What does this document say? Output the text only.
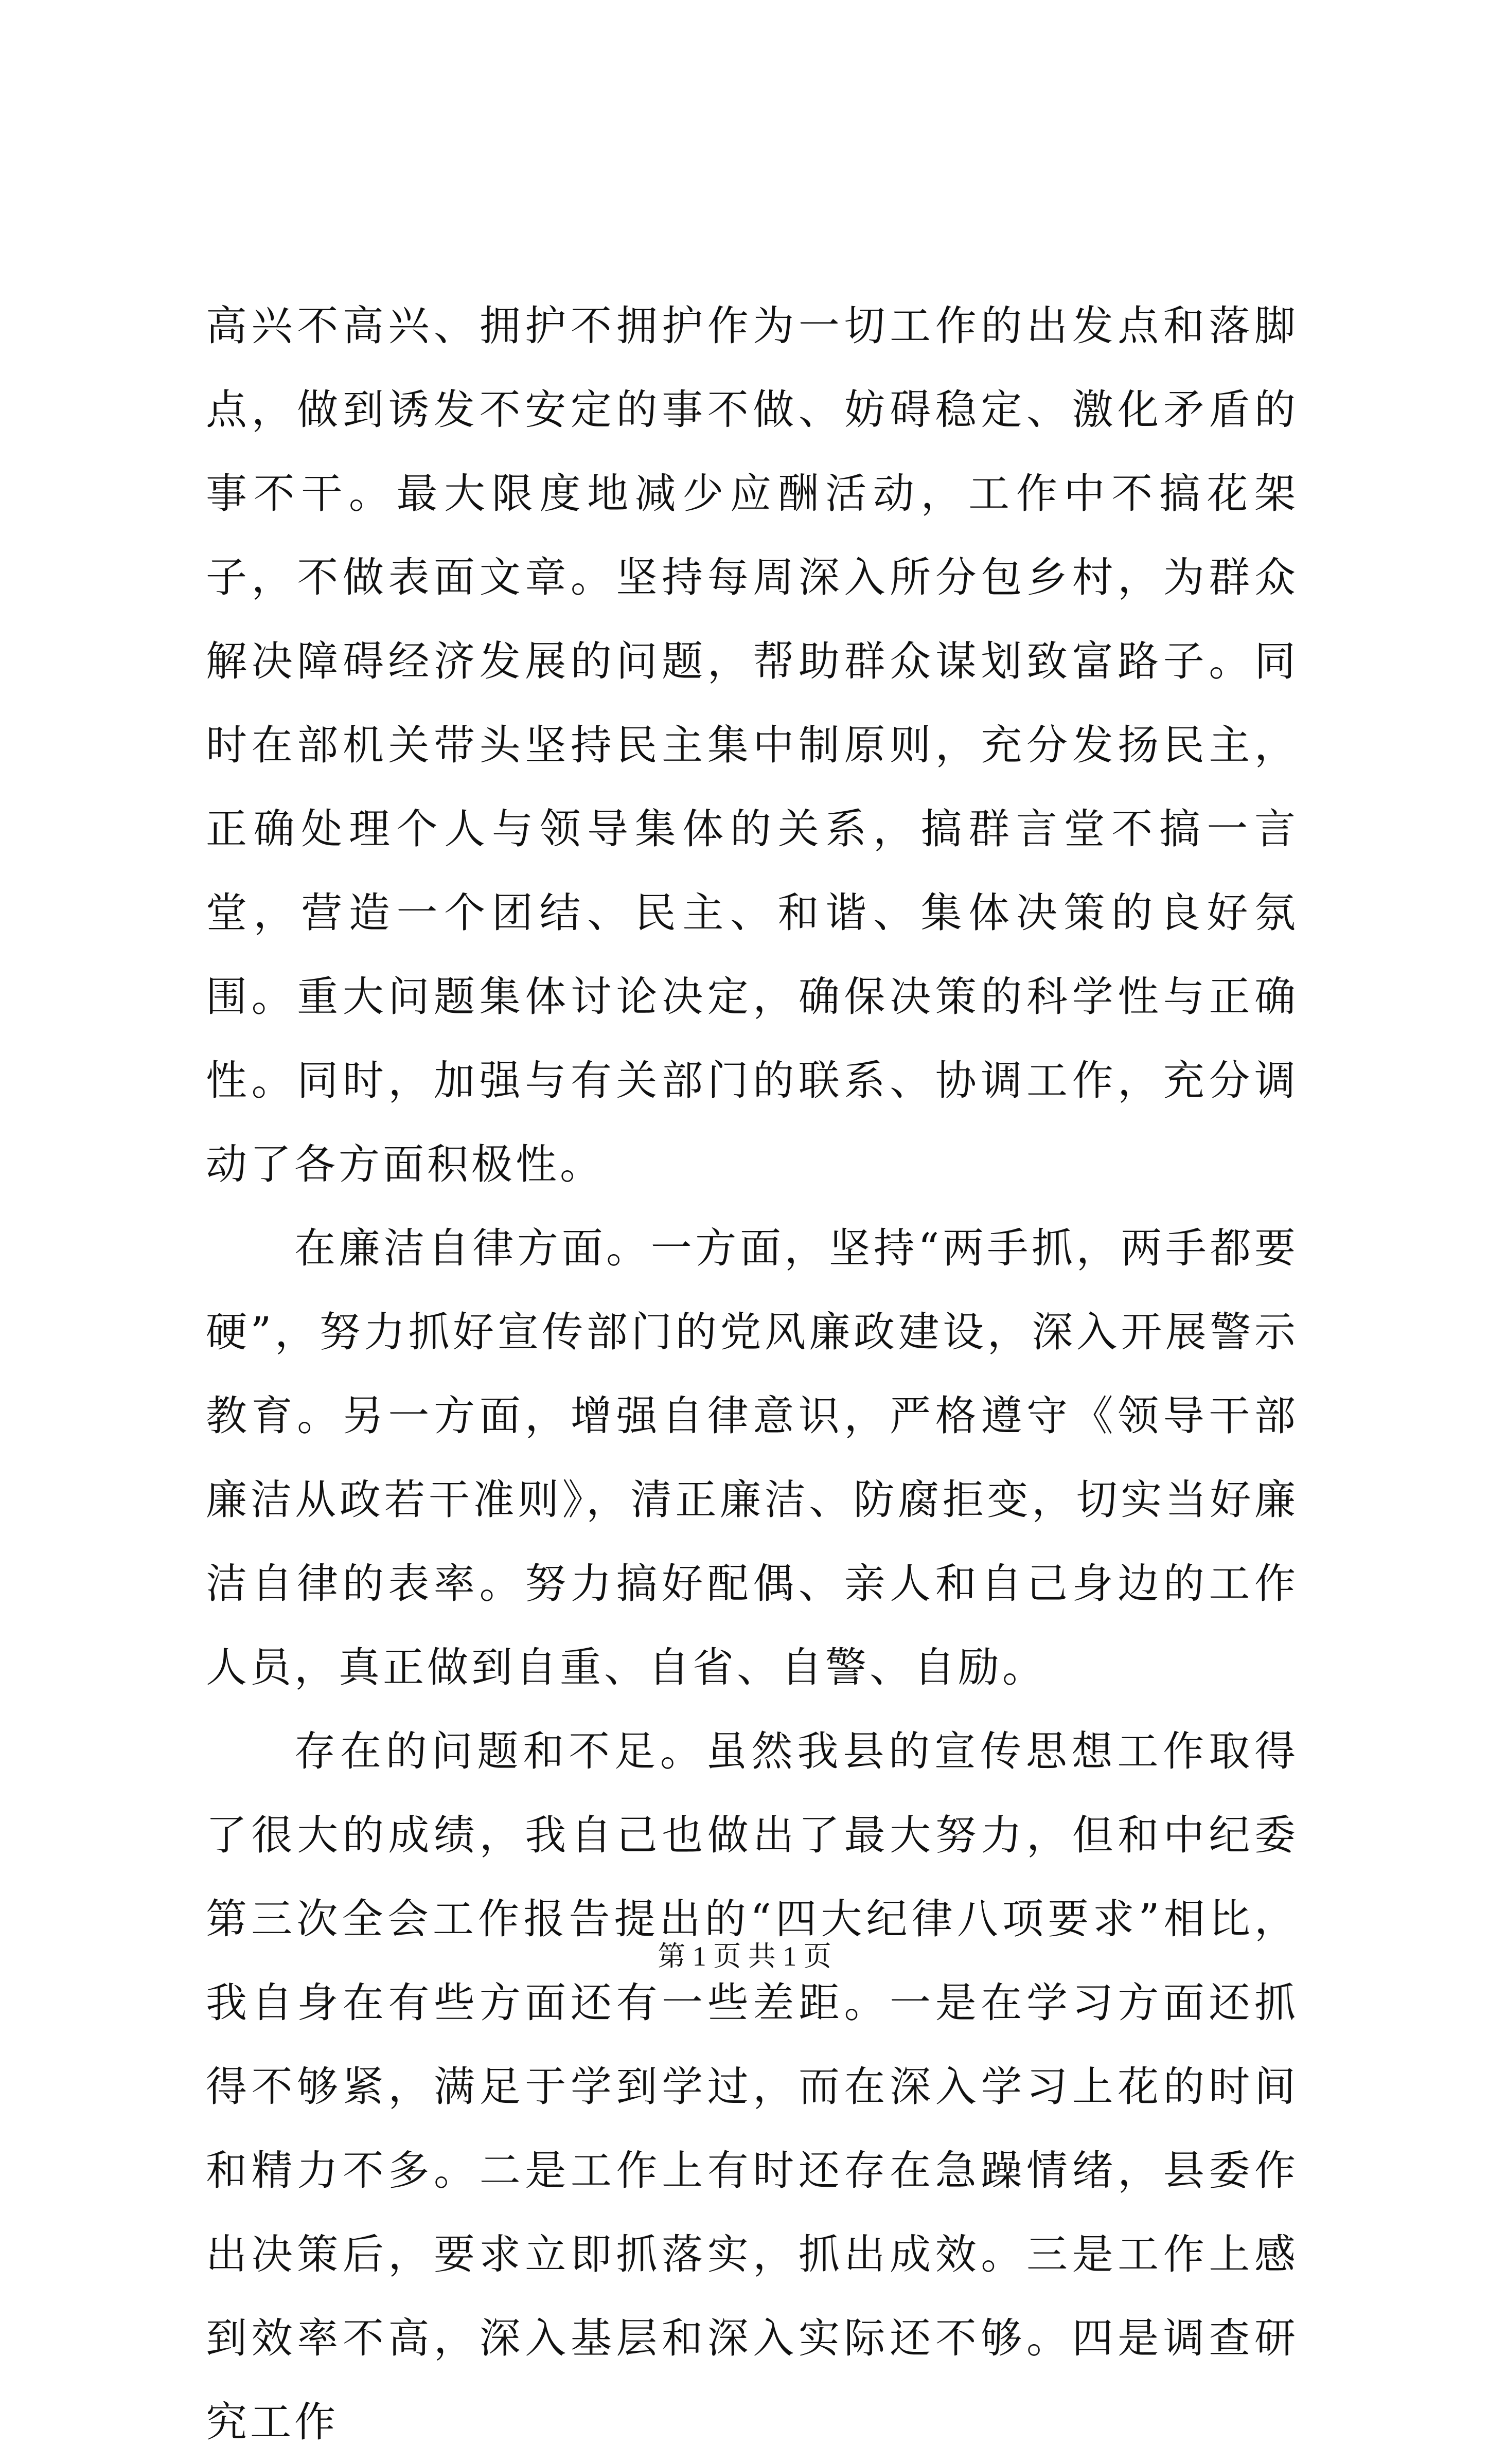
高兴不高兴、拥护不拥护作为一切工作的出发点和落脚点，做到诱发不安定的事不做、妨碍稳定、激化矛盾的事不干。最大限度地减少应酬活动，工作中不搞花架子，不做表面文章。坚持每周深入所分包乡村，为群众解决障碍经济发展的问题，帮助群众谋划致富路子。同时在部机关带头坚持民主集中制原则，充分发扬民主，正确处理个人与领导集体的关系，搞群言堂不搞一言堂，营造一个团结、民主、和谐、集体决策的良好氛围。重大问题集体讨论决定，确保决策的科学性与正确性。同时，加强与有关部门的联系、协调工作，充分调动了各方面积极性。

在廉洁自律方面。一方面，坚持“两手抓，两手都要硬”，努力抓好宣传部门的党风廉政建设，深入开展警示教育。另一方面，增强自律意识，严格遵守《领导干部廉洁从政若干准则》，清正廉洁、防腐拒变，切实当好廉洁自律的表率。努力搞好配偶、亲人和自己身边的工作人员，真正做到自重、自省、自警、自励。

存在的问题和不足。虽然我县的宣传思想工作取得了很大的成绩，我自己也做出了最大努力，但和中纪委第三次全会工作报告提出的“四大纪律八项要求”相比，我自身在有些方面还有一些差距。一是在学习方面还抓得不够紧，满足于学到学过，而在深入学习上花的时间和精力不多。二是工作上有时还存在急躁情绪，县委作出决策后，要求立即抓落实，抓出成效。三是工作上感到效率不高，深入基层和深入实际还不够。四是调查研究工作

第 1 页 共 1 页
